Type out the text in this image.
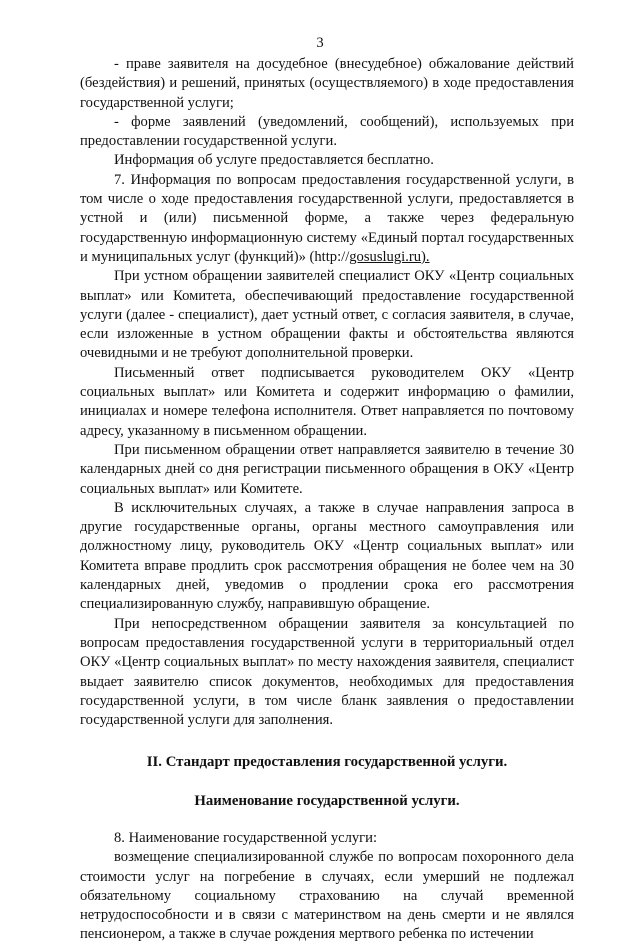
3

- праве заявителя на досудебное (внесудебное) обжалование действий (бездействия) и решений, принятых (осуществляемого) в ходе предоставления государственной услуги;

- форме заявлений (уведомлений, сообщений), используемых при предоставлении государственной услуги.

Информация об услуге предоставляется бесплатно.

7. Информация по вопросам предоставления государственной услуги, в том числе о ходе предоставления государственной услуги, предоставляется в устной и (или) письменной форме, а также через федеральную государственную информационную систему «Единый портал государственных и муниципальных услуг (функций)» (http://gosuslugi.ru).

При устном обращении заявителей специалист ОКУ «Центр социальных выплат» или Комитета, обеспечивающий предоставление государственной услуги (далее - специалист), дает устный ответ, с согласия заявителя, в случае, если изложенные в устном обращении факты и обстоятельства являются очевидными и не требуют дополнительной проверки.

Письменный ответ подписывается руководителем ОКУ «Центр социальных выплат» или Комитета и содержит информацию о фамилии, инициалах и номере телефона исполнителя. Ответ направляется по почтовому адресу, указанному в письменном обращении.

При письменном обращении ответ направляется заявителю в течение 30 календарных дней со дня регистрации письменного обращения в ОКУ «Центр социальных выплат» или Комитете.

В исключительных случаях, а также в случае направления запроса в другие государственные органы, органы местного самоуправления или должностному лицу, руководитель ОКУ «Центр социальных выплат» или Комитета вправе продлить срок рассмотрения обращения не более чем на 30 календарных дней, уведомив о продлении срока его рассмотрения специализированную службу, направившую обращение.

При непосредственном обращении заявителя за консультацией по вопросам предоставления государственной услуги в территориальный отдел ОКУ «Центр социальных выплат» по месту нахождения заявителя, специалист выдает заявителю список документов, необходимых для предоставления государственной услуги, в том числе бланк заявления о предоставлении государственной услуги для заполнения.

II. Стандарт предоставления государственной услуги.
Наименование государственной услуги.

8. Наименование государственной услуги:

возмещение специализированной службе по вопросам похоронного дела стоимости услуг на погребение в случаях, если умерший не подлежал обязательному социальному страхованию на случай временной нетрудоспособности и в связи с материнством на день смерти и не являлся пенсионером, а также в случае рождения мертвого ребенка по истечении
